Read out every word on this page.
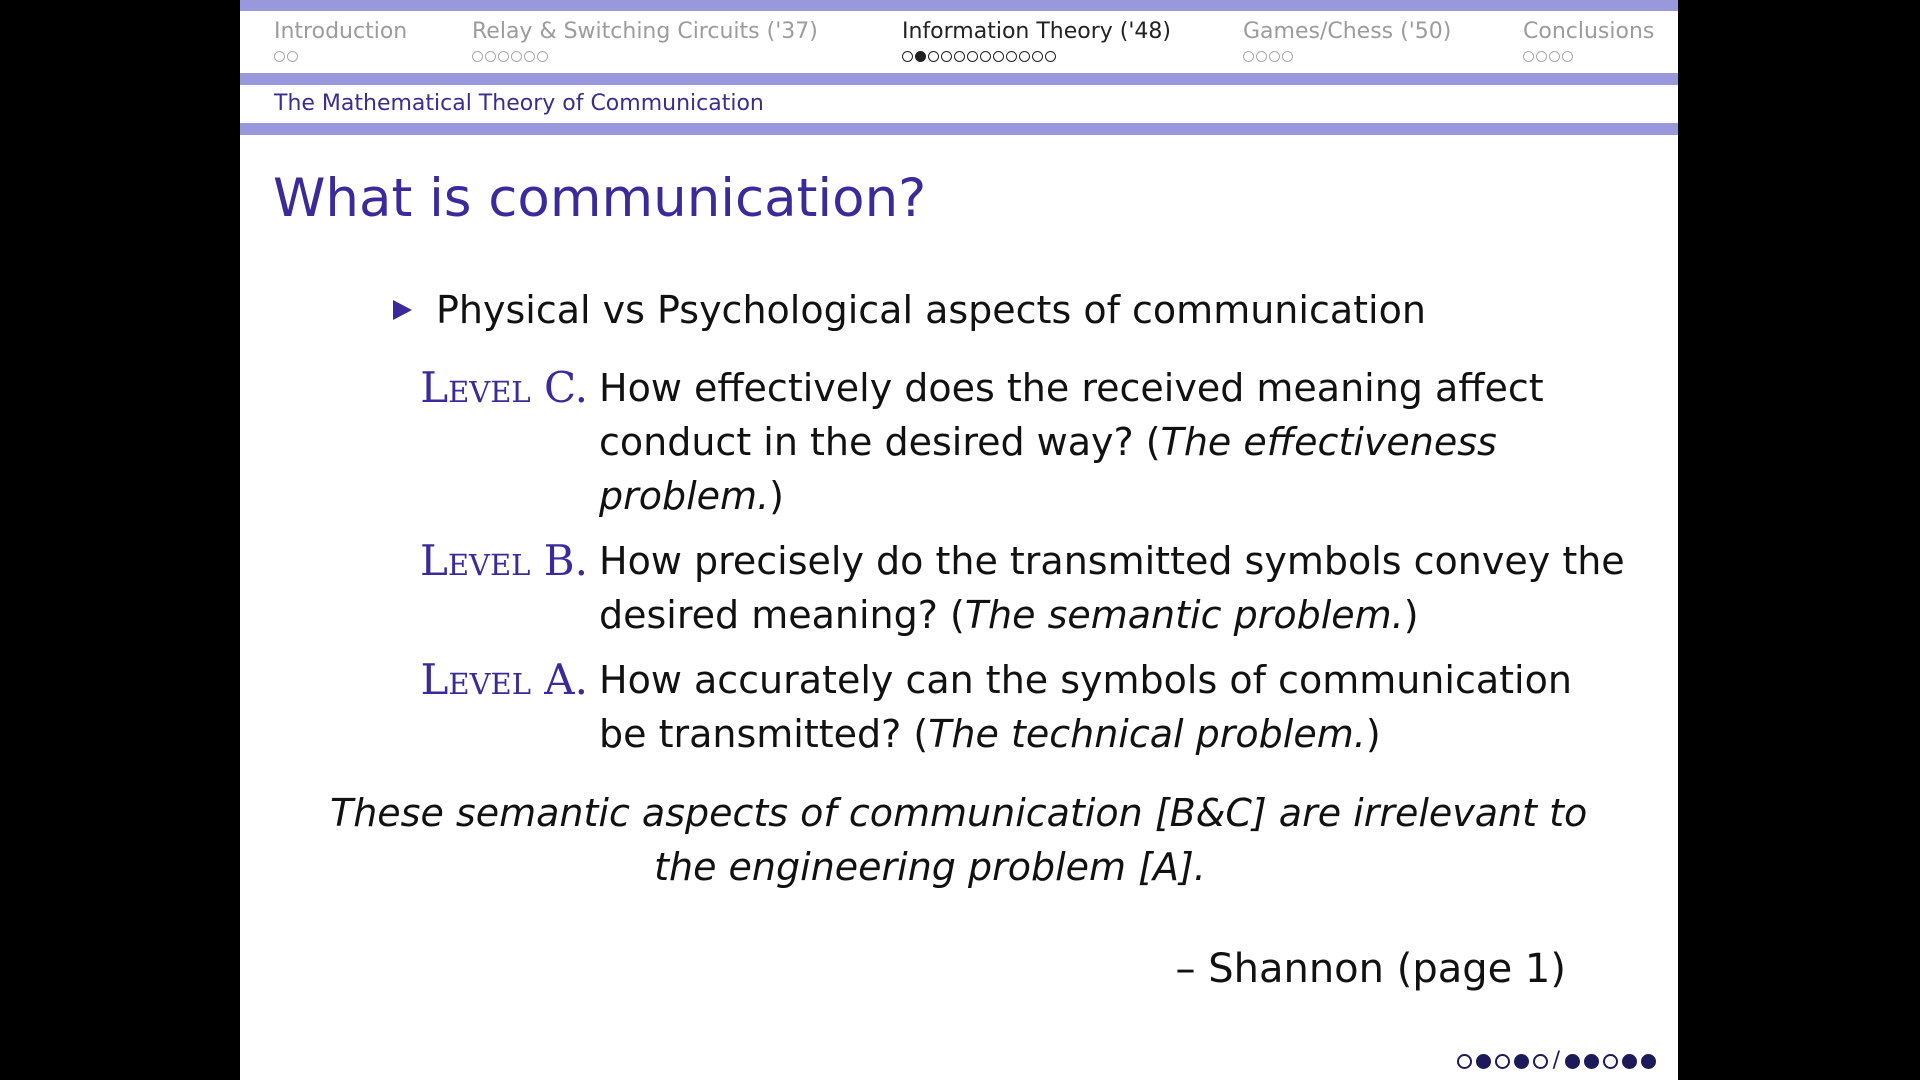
Introduction	Relay & Switching Circuits ('37)	Information Theory ('48)	Games/Chess ('50)	Conclusions
The Mathematical Theory of Communication
What is communication?
Physical vs Psychological aspects of communication
Level C. How effectively does the received meaning affect

conduct in the desired way? (The effectiveness

problem.)

Level B. How precisely do the transmitted symbols convey the

desired meaning? (The semantic problem.)

Level A. How accurately can the symbols of communication

be transmitted? (The technical problem.)

These semantic aspects of communication [B&C] are irrelevant to

the engineering problem [A].

– Shannon (page 1)
/
